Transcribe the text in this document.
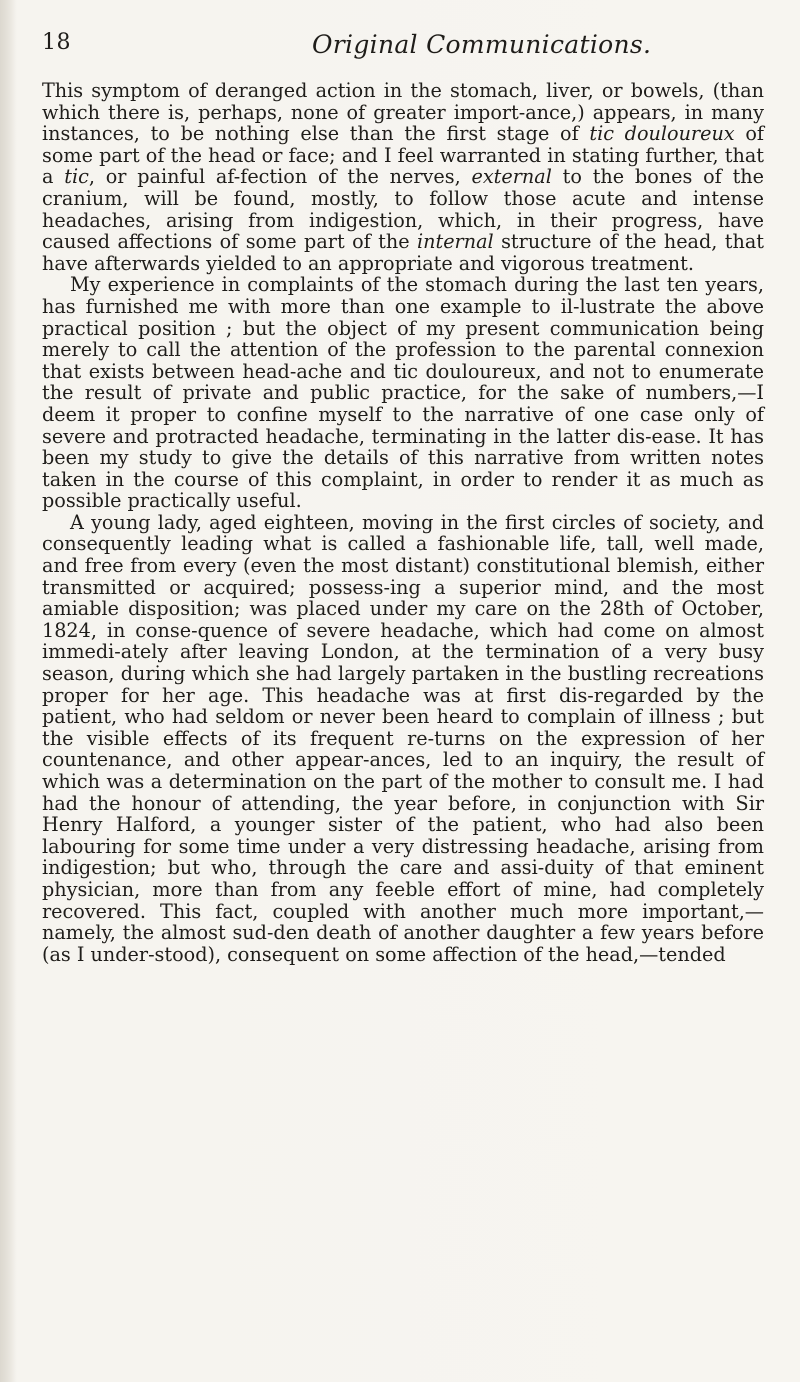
18	Original Communications.

This symptom of deranged action in the stomach, liver, or bowels, (than which there is, perhaps, none of greater import-ance,) appears, in many instances, to be nothing else than the first stage of tic douloureux of some part of the head or face; and I feel warranted in stating further, that a tic, or painful af-fection of the nerves, external to the bones of the cranium, will be found, mostly, to follow those acute and intense headaches, arising from indigestion, which, in their progress, have caused affections of some part of the internal structure of the head, that have afterwards yielded to an appropriate and vigorous treatment.

My experience in complaints of the stomach during the last ten years, has furnished me with more than one example to il-lustrate the above practical position ; but the object of my present communication being merely to call the attention of the profession to the parental connexion that exists between head-ache and tic douloureux, and not to enumerate the result of private and public practice, for the sake of numbers,—I deem it proper to confine myself to the narrative of one case only of severe and protracted headache, terminating in the latter dis-ease. It has been my study to give the details of this narrative from written notes taken in the course of this complaint, in order to render it as much as possible practically useful.

A young lady, aged eighteen, moving in the first circles of society, and consequently leading what is called a fashionable life, tall, well made, and free from every (even the most distant) constitutional blemish, either transmitted or acquired; possess-ing a superior mind, and the most amiable disposition; was placed under my care on the 28th of October, 1824, in conse-quence of severe headache, which had come on almost immedi-ately after leaving London, at the termination of a very busy season, during which she had largely partaken in the bustling recreations proper for her age. This headache was at first dis-regarded by the patient, who had seldom or never been heard to complain of illness ; but the visible effects of its frequent re-turns on the expression of her countenance, and other appear-ances, led to an inquiry, the result of which was a determination on the part of the mother to consult me. I had had the honour of attending, the year before, in conjunction with Sir Henry Halford, a younger sister of the patient, who had also been labouring for some time under a very distressing headache, arising from indigestion; but who, through the care and assi-duity of that eminent physician, more than from any feeble effort of mine, had completely recovered. This fact, coupled with another much more important,—namely, the almost sud-den death of another daughter a few years before (as I under-stood), consequent on some affection of the head,—tended
